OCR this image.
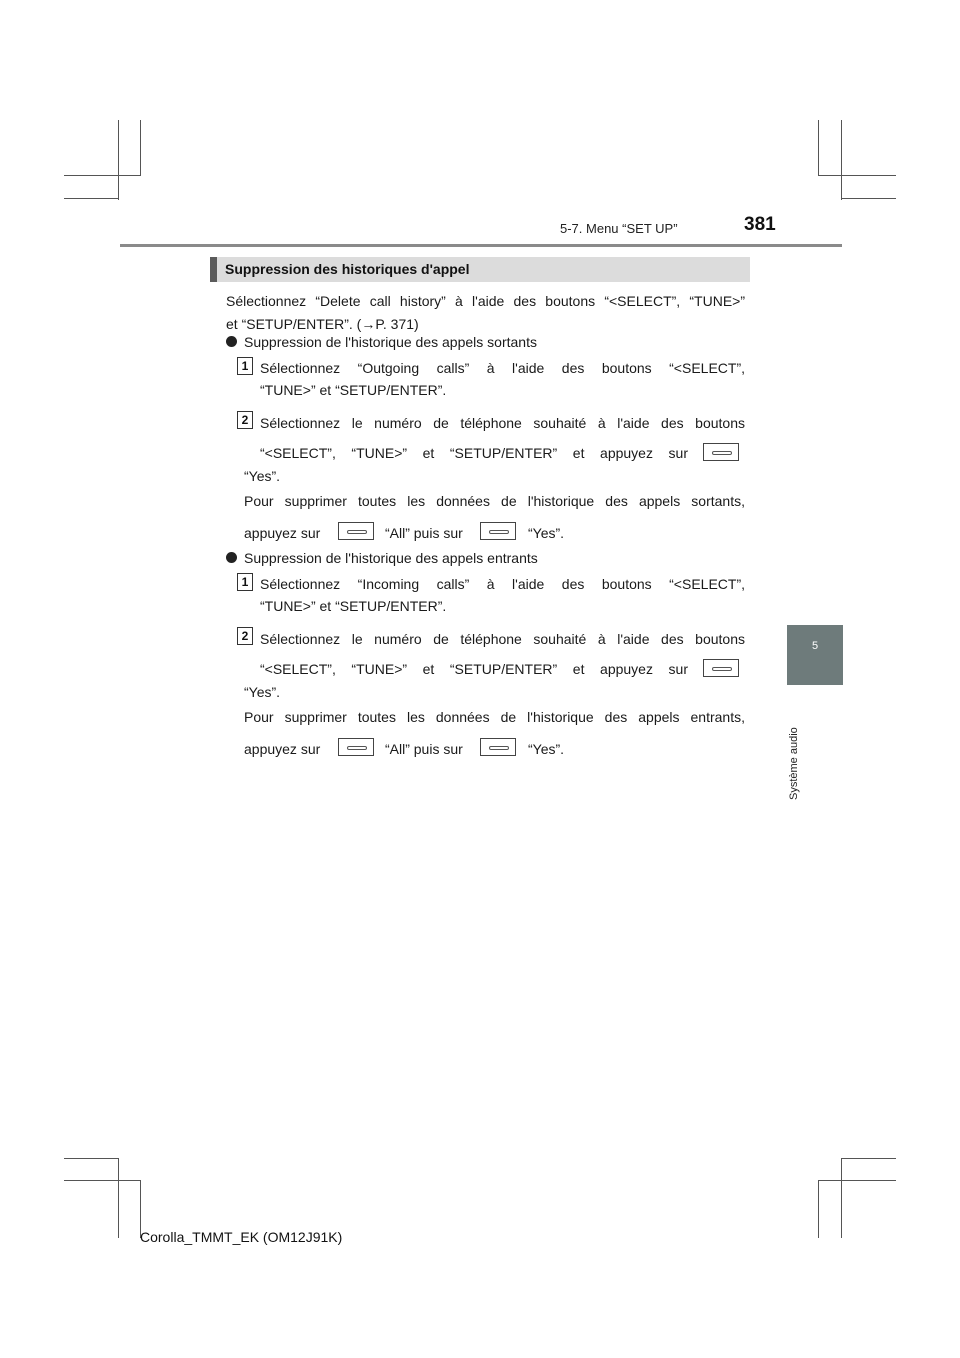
5-7. Menu “SET UP”	381
5
Système audio
Suppression des historiques d'appel
Sélectionnez “Delete call history” à l'aide des boutons “<SELECT”, “TUNE>”
et “SETUP/ENTER”. (→P. 371)
Suppression de l'historique des appels sortants
1 Sélectionnez “Outgoing calls” à l'aide des boutons “<SELECT”,
“TUNE>” et “SETUP/ENTER”.
2 Sélectionnez le numéro de téléphone souhaité à l'aide des boutons
“<SELECT”, “TUNE>” et “SETUP/ENTER” et appuyez sur
“Yes”.
Pour supprimer toutes les données de l'historique des appels sortants,
appuyez sur	“All” puis sur	“Yes”.
Suppression de l'historique des appels entrants
1 Sélectionnez “Incoming calls” à l'aide des boutons “<SELECT”,
“TUNE>” et “SETUP/ENTER”.
2 Sélectionnez le numéro de téléphone souhaité à l'aide des boutons
“<SELECT”, “TUNE>” et “SETUP/ENTER” et appuyez sur
“Yes”.
Pour supprimer toutes les données de l'historique des appels entrants,
appuyez sur	“All” puis sur	“Yes”.
Corolla_TMMT_EK (OM12J91K)
